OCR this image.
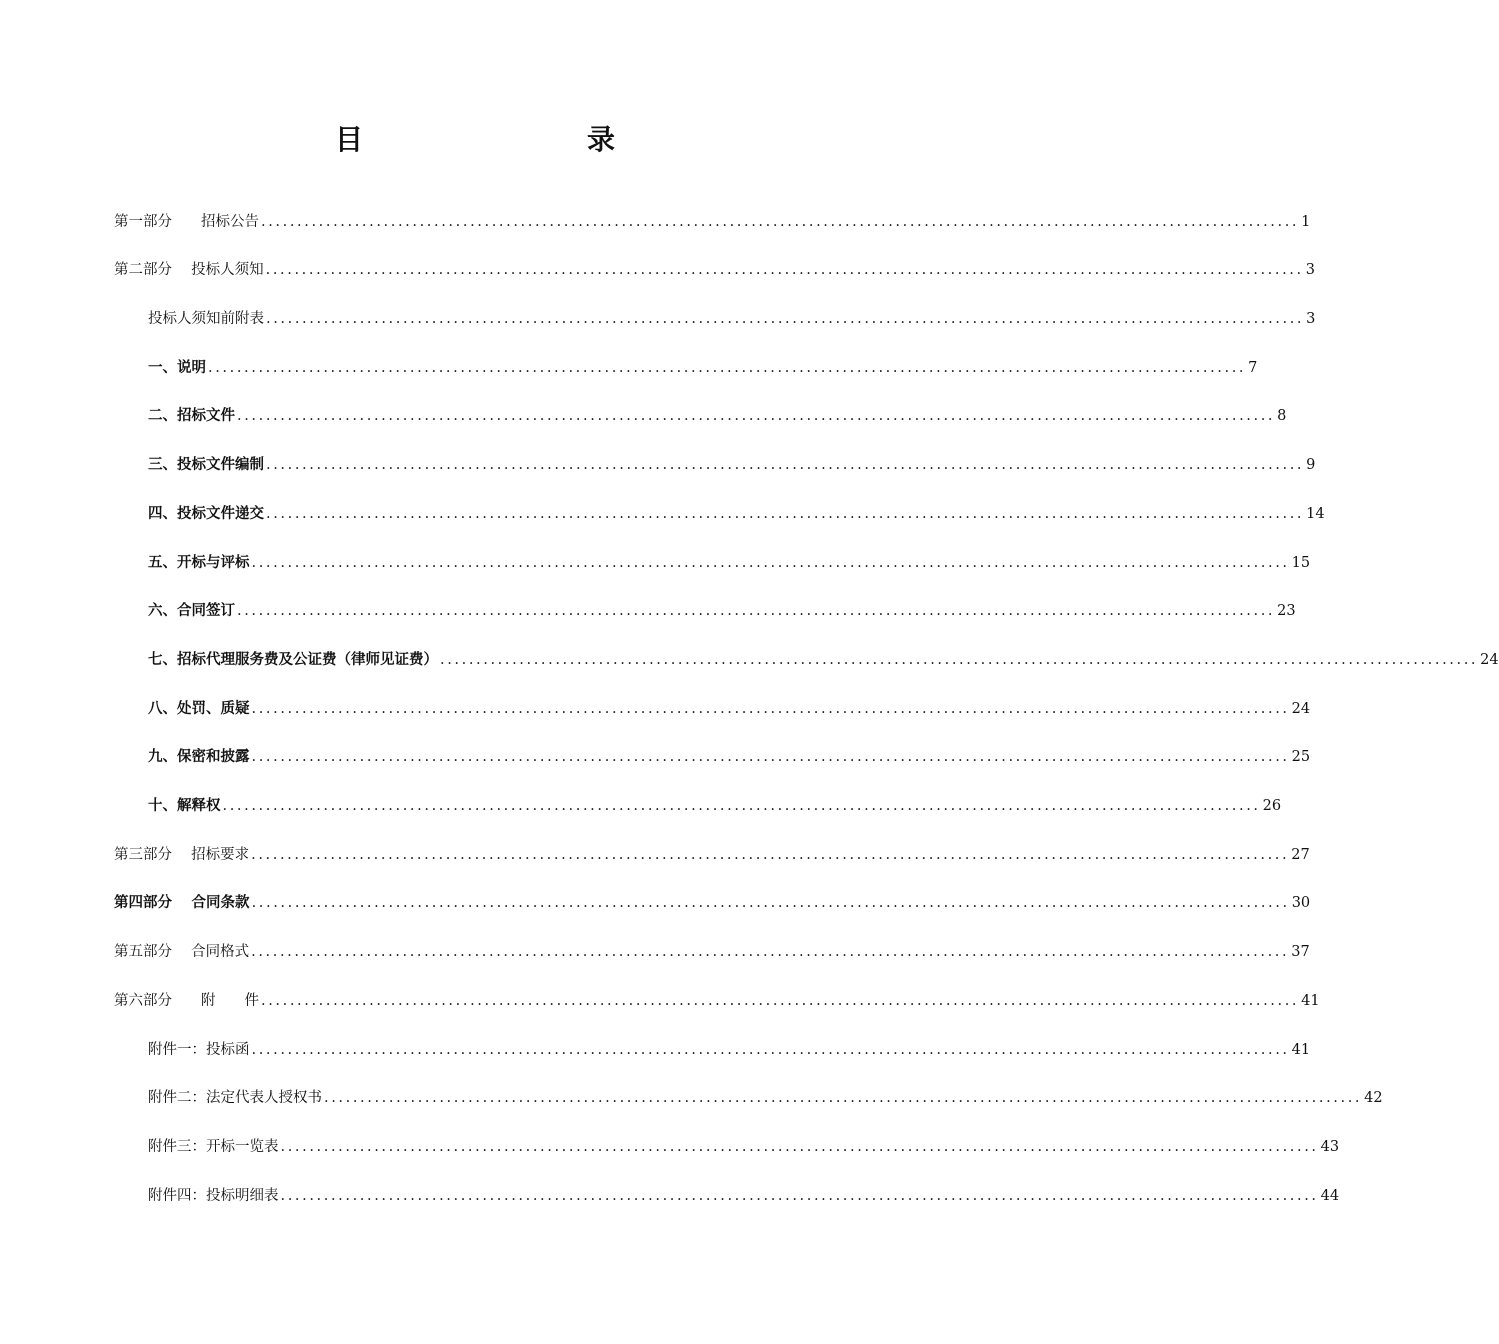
目　　录
第一部分　　招标公告 ................................................................................................................................................ 1
第二部分　 投标人须知 ................................................................................................................................................ 3
投标人须知前附表 ................................................................................................................................................ 3
一、说明 ................................................................................................................................................ 7
二、招标文件 ................................................................................................................................................ 8
三、投标文件编制 ................................................................................................................................................ 9
四、投标文件递交 ................................................................................................................................................ 14
五、开标与评标 ................................................................................................................................................ 15
六、合同签订 ................................................................................................................................................ 23
七、招标代理服务费及公证费（律师见证费） ................................................................................................................................................ 24
八、处罚、质疑 ................................................................................................................................................ 24
九、保密和披露 ................................................................................................................................................ 25
十、解释权 ................................................................................................................................................ 26
第三部分　 招标要求 ................................................................................................................................................ 27
第四部分　 合同条款 ................................................................................................................................................ 30
第五部分　 合同格式 ................................................................................................................................................ 37
第六部分　　附　　件 ................................................................................................................................................ 41
附件一：投标函 ................................................................................................................................................ 41
附件二：法定代表人授权书 ................................................................................................................................................ 42
附件三：开标一览表 ................................................................................................................................................ 43
附件四：投标明细表 ................................................................................................................................................ 44
